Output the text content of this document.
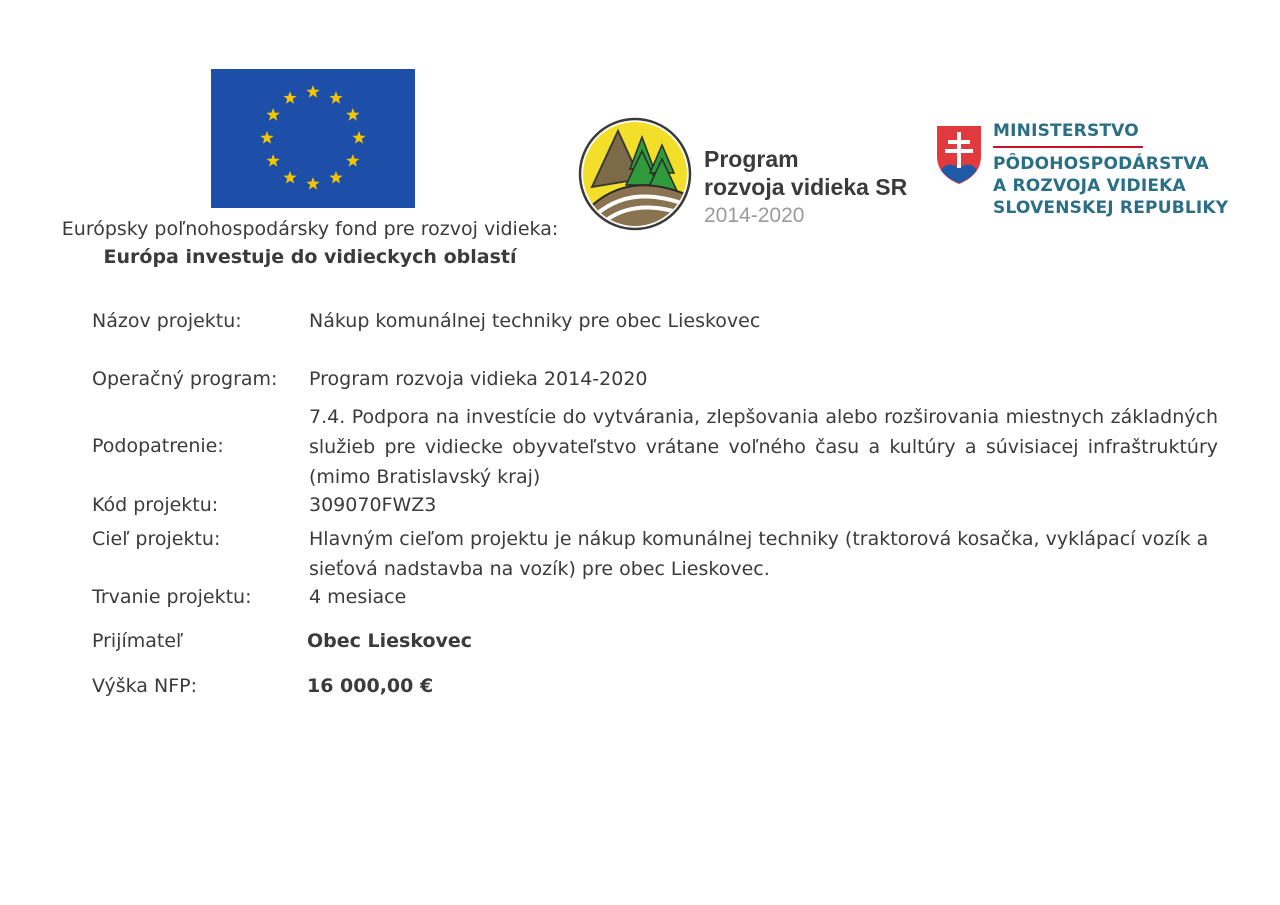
Európsky poľnohospodársky fond pre rozvoj vidieka:
Európa investuje do vidieckych oblastí
Program
rozvoja vidieka SR
2014-2020
MINISTERSTVO
PÔDOHOSPODÁRSTVA
A ROZVOJA VIDIEKA
SLOVENSKEJ REPUBLIKY
Názov projektu:	Nákup komunálnej techniky pre obec Lieskovec
Operačný program: Program rozvoja vidieka 2014-2020
Podopatrenie:
7.4. Podpora na investície do vytvárania, zlepšovania alebo rozširovania miestnych základných služieb pre vidiecke obyvateľstvo vrátane voľného času a kultúry a súvisiacej infraštruktúry (mimo Bratislavský kraj)
Kód projektu:	309070FWZ3
Cieľ projektu:	Hlavným cieľom projektu je nákup komunálnej techniky (traktorová kosačka, vyklápací vozík a sieťová nadstavba na vozík) pre obec Lieskovec.
Trvanie projektu:	4 mesiace
Prijímateľ	Obec Lieskovec
Výška NFP:	16 000,00 €
